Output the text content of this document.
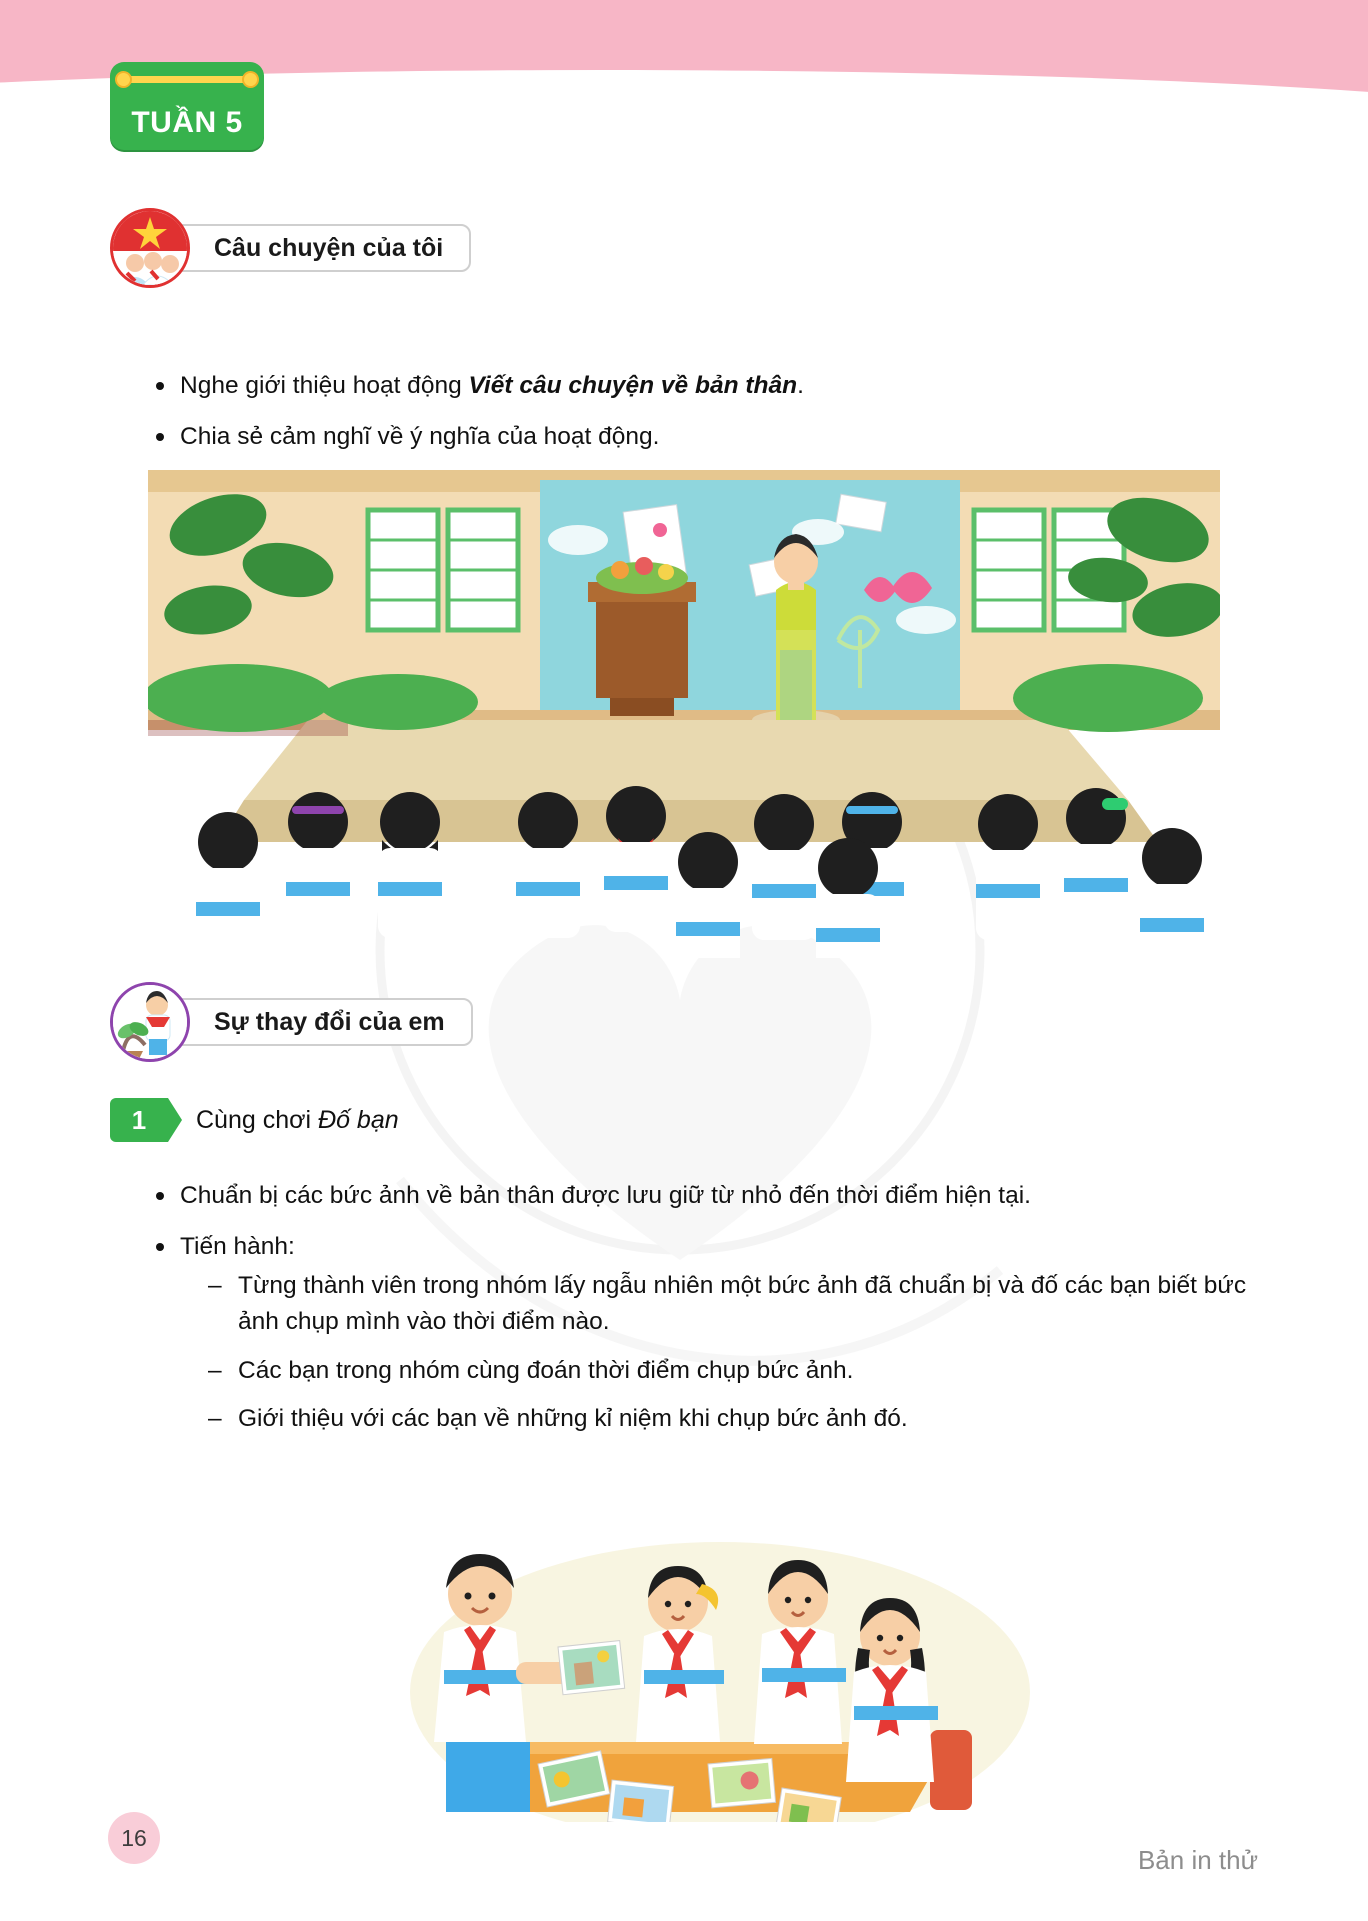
TUẦN 5
Câu chuyện của tôi
Nghe giới thiệu hoạt động Viết câu chuyện về bản thân.
Chia sẻ cảm nghĩ về ý nghĩa của hoạt động.
Sự thay đổi của em
1	Cùng chơi Đố bạn
Chuẩn bị các bức ảnh về bản thân được lưu giữ từ nhỏ đến thời điểm hiện tại.
Tiến hành:
– Từng thành viên trong nhóm lấy ngẫu nhiên một bức ảnh đã chuẩn bị và đố các bạn biết bức ảnh chụp mình vào thời điểm nào.
– Các bạn trong nhóm cùng đoán thời điểm chụp bức ảnh.
– Giới thiệu với các bạn về những kỉ niệm khi chụp bức ảnh đó.
16
Bản in thử
